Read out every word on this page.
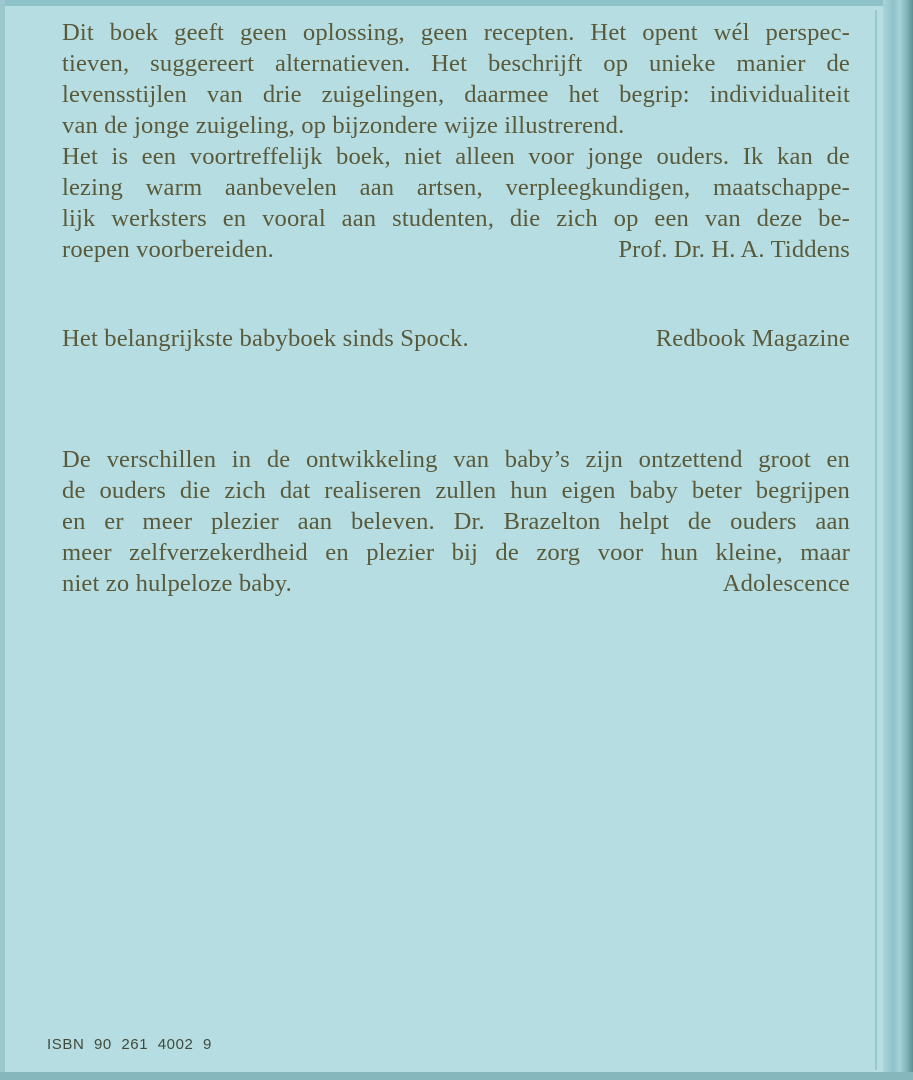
Dit boek geeft geen oplossing, geen recepten. Het opent wél perspec-
tieven, suggereert alternatieven. Het beschrijft op unieke manier de
levensstijlen van drie zuigelingen, daarmee het begrip: individualiteit
van de jonge zuigeling, op bijzondere wijze illustrerend.
Het is een voortreffelijk boek, niet alleen voor jonge ouders. Ik kan de
lezing warm aanbevelen aan artsen, verpleegkundigen, maatschappe-
lijk werksters en vooral aan studenten, die zich op een van deze be-
roepen voorbereiden.	Prof. Dr. H. A. Tiddens
Het belangrijkste babyboek sinds Spock.	Redbook Magazine
De verschillen in de ontwikkeling van baby’s zijn ontzettend groot en
de ouders die zich dat realiseren zullen hun eigen baby beter begrijpen
en er meer plezier aan beleven. Dr. Brazelton helpt de ouders aan
meer zelfverzekerdheid en plezier bij de zorg voor hun kleine, maar
niet zo hulpeloze baby.	Adolescence
ISBN  90  261  4002  9
